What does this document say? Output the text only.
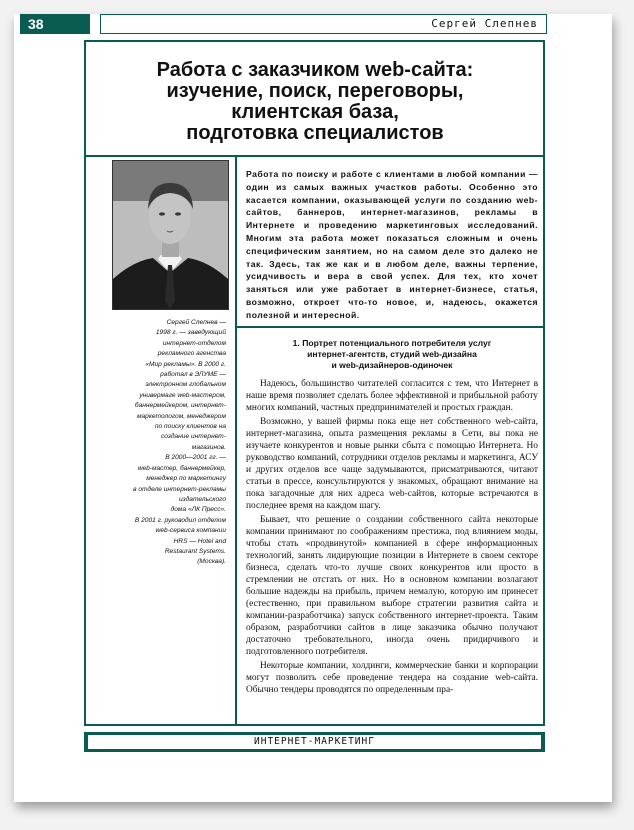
38	Сергей Слепнев
Работа с заказчиком web-сайта:
изучение, поиск, переговоры,
клиентская база,
подготовка специалистов
Работа по поиску и работе с клиентами в любой компании — один из самых важных участков работы. Особенно это касается компании, оказывающей услуги по созданию web-сайтов, баннеров, интернет-магазинов, рекламы в Интернете и проведению маркетинговых исследований. Многим эта работа может показаться сложным и очень специфическим занятием, но на самом деле это далеко не так. Здесь, так же как и в любом деле, важны терпение, усидчивость и вера в свой успех. Для тех, кто хочет заняться или уже работает в интернет-бизнесе, статья, возможно, откроет что-то новое, и, надеюсь, окажется полезной и интересной.
Сергей Слепнев —
1998 г. — заведующий
интернет-отделом
рекламного агенства
«Мир рекламы». В 2000 г.
работал в ЭЛУМЕ —
электронном глобальном
универмаге web-мастером,
баннермейкером, интернет-
маркетологом, менеджером
по поиску клиентов на
создание интернет-
магазинов.
В 2000—2001 гг. —
web-мастер, баннермейкер,
менеджер по маркетингу
в отделе интернет-рекламы
издательского
дома «ЛК Пресс».
В 2001 г. руководил отделом
web-сервиса компании
HRS — Hotel and
Restaurant Systems.
(Москва).
1. Портрет потенциального потребителя услуг
интернет-агентств, студий web-дизайна
и web-дизайнеров-одиночек

Надеюсь, большинство читателей согласится с тем, что Интернет в наше время позволяет сделать более эффективной и прибыльной работу многих компаний, частных предпринимателей и простых граждан.

Возможно, у вашей фирмы пока еще нет собственного web-сайта, интернет-магазина, опыта размещения рекламы в Сети, вы пока не изучаете конкурентов и новые рынки сбыта с помощью Интернета. Но руководство компаний, сотрудники отделов рекламы и маркетинга, АСУ и других отделов все чаще задумываются, присматриваются, читают статьи в прессе, консультируются у знакомых, обращают внимание на пока загадочные для них адреса web-сайтов, которые встречаются в последнее время на каждом шагу.

Бывает, что решение о создании собственного сайта некоторые компании принимают по соображениям престижа, под влиянием моды, чтобы стать «продвинутой» компанией в сфере информационных технологий, занять лидирующие позиции в Интернете в своем секторе бизнеса, сделать что-то лучше своих конкурентов или просто в стремлении не отстать от них. Но в основном компании возлагают большие надежды на прибыль, причем немалую, которую им принесет (естественно, при правильном выборе стратегии развития сайта и компании-разработчика) запуск собственного интернет-проекта. Таким образом, разработчики сайтов в лице заказчика обычно получают достаточно требовательного, иногда очень придирчивого и подготовленного потребителя.

Некоторые компании, холдинги, коммерческие банки и корпорации могут позволить себе проведение тендера на создание web-сайта. Обычно тендеры проводятся по определенным пра-

ИНТЕРНЕТ-МАРКЕТИНГ
